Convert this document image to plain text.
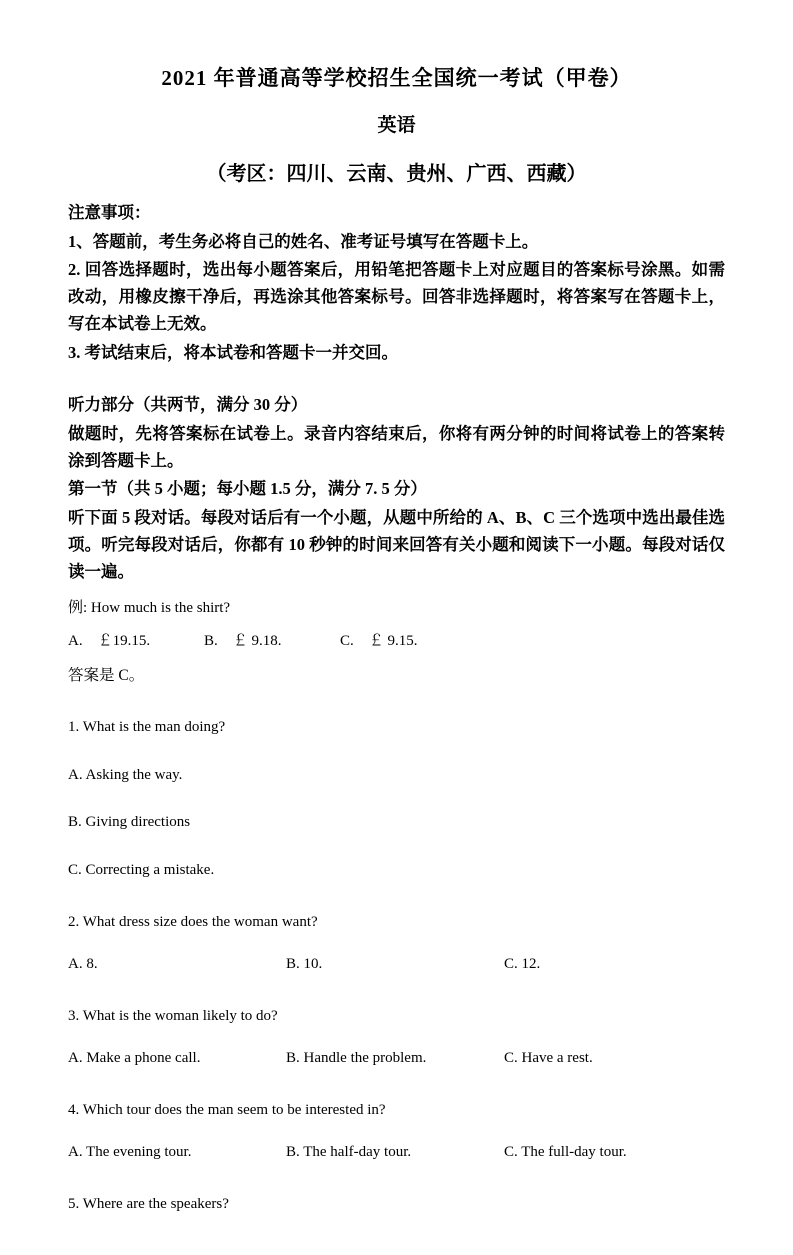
2021 年普通高等学校招生全国统一考试（甲卷）
英语
（考区：四川、云南、贵州、广西、西藏）
注意事项：
1、答题前，考生务必将自己的姓名、准考证号填写在答题卡上。
2. 回答选择题时，选出每小题答案后，用铅笔把答题卡上对应题目的答案标号涂黑。如需改动，用橡皮擦干净后，再选涂其他答案标号。回答非选择题时，将答案写在答题卡上，写在本试卷上无效。
3. 考试结束后，将本试卷和答题卡一并交回。
听力部分（共两节，满分 30 分）
做题时，先将答案标在试卷上。录音内容结束后，你将有两分钟的时间将试卷上的答案转涂到答题卡上。
第一节（共 5 小题；每小题 1.5 分，满分 7. 5 分）
听下面 5 段对话。每段对话后有一个小题，从题中所给的 A、B、C 三个选项中选出最佳选项。听完每段对话后，你都有 10 秒钟的时间来回答有关小题和阅读下一小题。每段对话仅读一遍。
例: How much is the shirt?
A.　￡19.15.	B.　￡ 9.18.	C.　￡ 9.15.
答案是 C。
1. What is the man doing?
A. Asking the way.
B. Giving directions
C. Correcting a mistake.
2. What dress size does the woman want?
A. 8.	B. 10.	C. 12.
3. What is the woman likely to do?
A. Make a phone call.	B. Handle the problem.	C. Have a rest.
4. Which tour does the man seem to be interested in?
A. The evening tour.	B. The half-day tour.	C. The full-day tour.
5. Where are the speakers?
